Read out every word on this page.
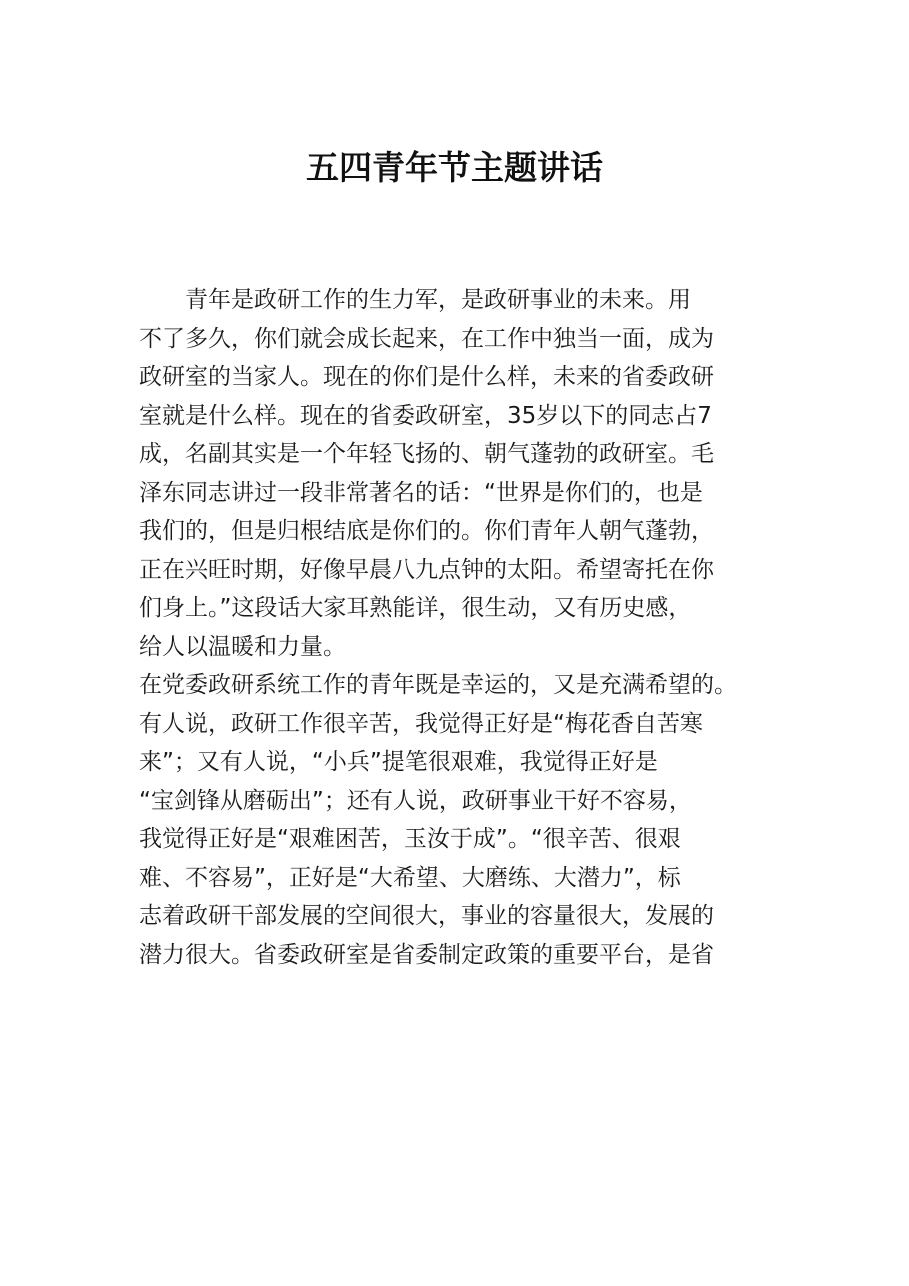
五四青年节主题讲话
　　青年是政研工作的生力军，是政研事业的未来。用
不了多久，你们就会成长起来，在工作中独当一面，成为
政研室的当家人。现在的你们是什么样，未来的省委政研
室就是什么样。现在的省委政研室，35岁以下的同志占7
成，名副其实是一个年轻飞扬的、朝气蓬勃的政研室。毛
泽东同志讲过一段非常著名的话：“世界是你们的，也是
我们的，但是归根结底是你们的。你们青年人朝气蓬勃，
正在兴旺时期，好像早晨八九点钟的太阳。希望寄托在你
们身上。”这段话大家耳熟能详，很生动，又有历史感，
给人以温暖和力量。
在党委政研系统工作的青年既是幸运的，又是充满希望的。
有人说，政研工作很辛苦，我觉得正好是“梅花香自苦寒
来”；又有人说，“小兵”提笔很艰难，我觉得正好是
“宝剑锋从磨砺出”；还有人说，政研事业干好不容易，
我觉得正好是“艰难困苦，玉汝于成”。“很辛苦、很艰
难、不容易”，正好是“大希望、大磨练、大潜力”，标
志着政研干部发展的空间很大，事业的容量很大，发展的
潜力很大。省委政研室是省委制定政策的重要平台，是省
